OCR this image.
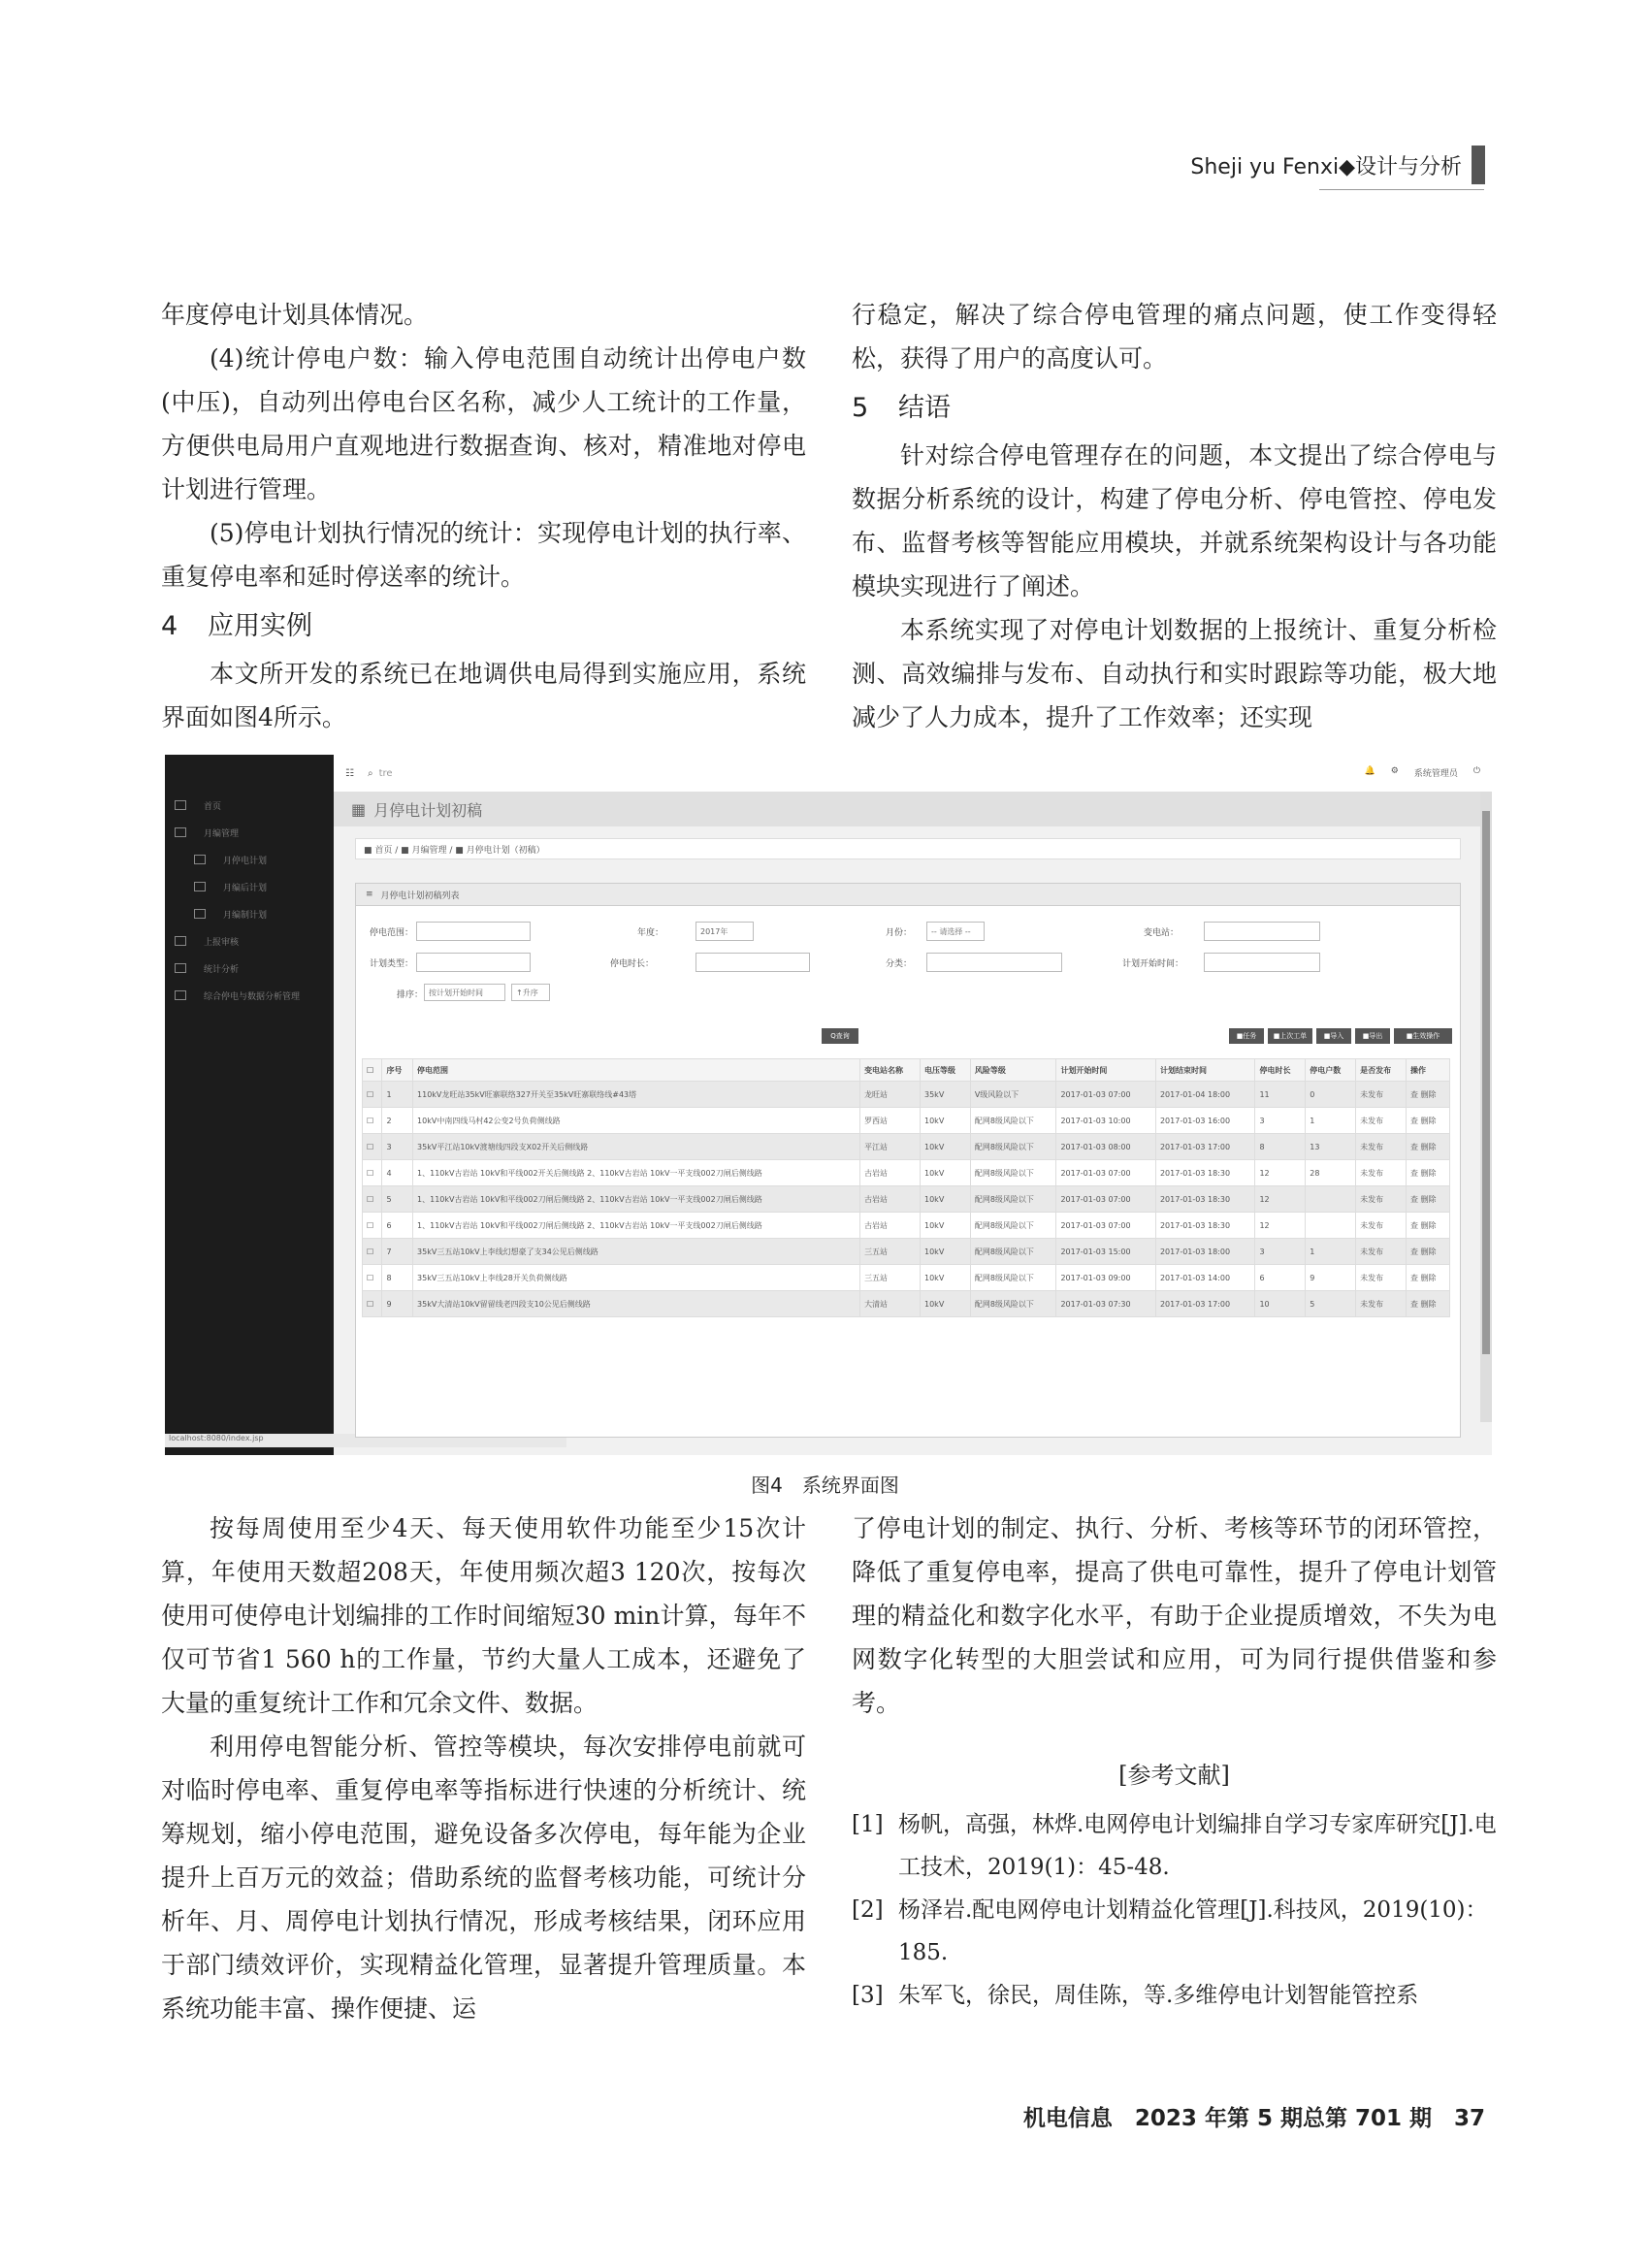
Sheji yu Fenxi◆设计与分析

年度停电计划具体情况。

(4)统计停电户数：输入停电范围自动统计出停电户数(中压)，自动列出停电台区名称，减少人工统计的工作量，方便供电局用户直观地进行数据查询、核对，精准地对停电计划进行管理。

(5)停电计划执行情况的统计：实现停电计划的执行率、重复停电率和延时停送率的统计。

4 应用实例

本文所开发的系统已在地调供电局得到实施应用，系统界面如图4所示。

行稳定，解决了综合停电管理的痛点问题，使工作变得轻松，获得了用户的高度认可。

5 结语

针对综合停电管理存在的问题，本文提出了综合停电与数据分析系统的设计，构建了停电分析、停电管控、停电发布、监督考核等智能应用模块，并就系统架构设计与各功能模块实现进行了阐述。

本系统实现了对停电计划数据的上报统计、重复分析检测、高效编排与发布、自动执行和实时跟踪等功能，极大地减少了人力成本，提升了工作效率；还实现

首页
月编管理
月停电计划
月编后计划
月编制计划
上报审核
统计分析
综合停电与数据分析管理
localhost:8080/index.jsp
☷ ⌕ tre	🔔 ⚙ 系统管理员 ⏻
▦ 月停电计划初稿
■ 首页 / ■ 月编管理 / ■ 月停电计划（初稿）
≡ 月停电计划初稿列表
停电范围：	年度：	2017年	月份：	-- 请选择 --	变电站：
计划类型：	停电时长：	分类：	计划开始时间：
排序： 按计划开始时间	↑升序
Q查询	■任务	■上次工单	■导入	■导出	■生效操作
☐	序号	停电范围	变电站名称	电压等级	风险等级	计划开始时间	计划结束时间	停电时长	停电户数	是否发布	操作
☐	1	110kV龙旺站35kV旺寨联络327开关至35kV旺寨联络线#43塔	龙旺站	35kV	V级风险以下	2017-01-03 07:00	2017-01-04 18:00	11	0	未发布	查 删除
☐	2	10kV中南四线马村42公变2号负荷侧线路	罗西站	10kV	配网8级风险以下	2017-01-03 10:00	2017-01-03 16:00	3	1	未发布	查 删除
☐	3	35kV平江站10kV渡塘线四段支X02开关后侧线路	平江站	10kV	配网8级风险以下	2017-01-03 08:00	2017-01-03 17:00	8	13	未发布	查 删除
☐	4	1、110kV古岩站 10kV和平线002开关后侧线路 2、110kV古岩站 10kV一平支线002刀闸后侧线路	古岩站	10kV	配网8级风险以下	2017-01-03 07:00	2017-01-03 18:30	12	28	未发布	查 删除
☐	5	1、110kV古岩站 10kV和平线002刀闸后侧线路 2、110kV古岩站 10kV一平支线002刀闸后侧线路	古岩站	10kV	配网8级风险以下	2017-01-03 07:00	2017-01-03 18:30	12		未发布	查 删除
☐	6	1、110kV古岩站 10kV和平线002刀闸后侧线路 2、110kV古岩站 10kV一平支线002刀闸后侧线路	古岩站	10kV	配网8级风险以下	2017-01-03 07:00	2017-01-03 18:30	12		未发布	查 删除
☐	7	35kV三五站10kV上李线幻想豪了支34公见后侧线路	三五站	10kV	配网8级风险以下	2017-01-03 15:00	2017-01-03 18:00	3	1	未发布	查 删除
☐	8	35kV三五站10kV上李线28开关负荷侧线路	三五站	10kV	配网8级风险以下	2017-01-03 09:00	2017-01-03 14:00	6	9	未发布	查 删除
☐	9	35kV大清站10kV留留线老四段支10公见后侧线路	大清站	10kV	配网8级风险以下	2017-01-03 07:30	2017-01-03 17:00	10	5	未发布	查 删除
图4　系统界面图

按每周使用至少4天、每天使用软件功能至少15次计算，年使用天数超208天，年使用频次超3 120次，按每次使用可使停电计划编排的工作时间缩短30 min计算，每年不仅可节省1 560 h的工作量，节约大量人工成本，还避免了大量的重复统计工作和冗余文件、数据。

利用停电智能分析、管控等模块，每次安排停电前就可对临时停电率、重复停电率等指标进行快速的分析统计、统筹规划，缩小停电范围，避免设备多次停电，每年能为企业提升上百万元的效益；借助系统的监督考核功能，可统计分析年、月、周停电计划执行情况，形成考核结果，闭环应用于部门绩效评价，实现精益化管理，显著提升管理质量。本系统功能丰富、操作便捷、运

了停电计划的制定、执行、分析、考核等环节的闭环管控，降低了重复停电率，提高了供电可靠性，提升了停电计划管理的精益化和数字化水平，有助于企业提质增效，不失为电网数字化转型的大胆尝试和应用，可为同行提供借鉴和参考。

[参考文献]
[1] 杨帆，高强，林烨.电网停电计划编排自学习专家库研究[J].电工技术，2019(1)：45-48.
[2] 杨泽岩.配电网停电计划精益化管理[J].科技风，2019(10)：185.
[3] 朱军飞，徐民，周佳陈，等.多维停电计划智能管控系
机电信息　2023 年第 5 期总第 701 期　37
